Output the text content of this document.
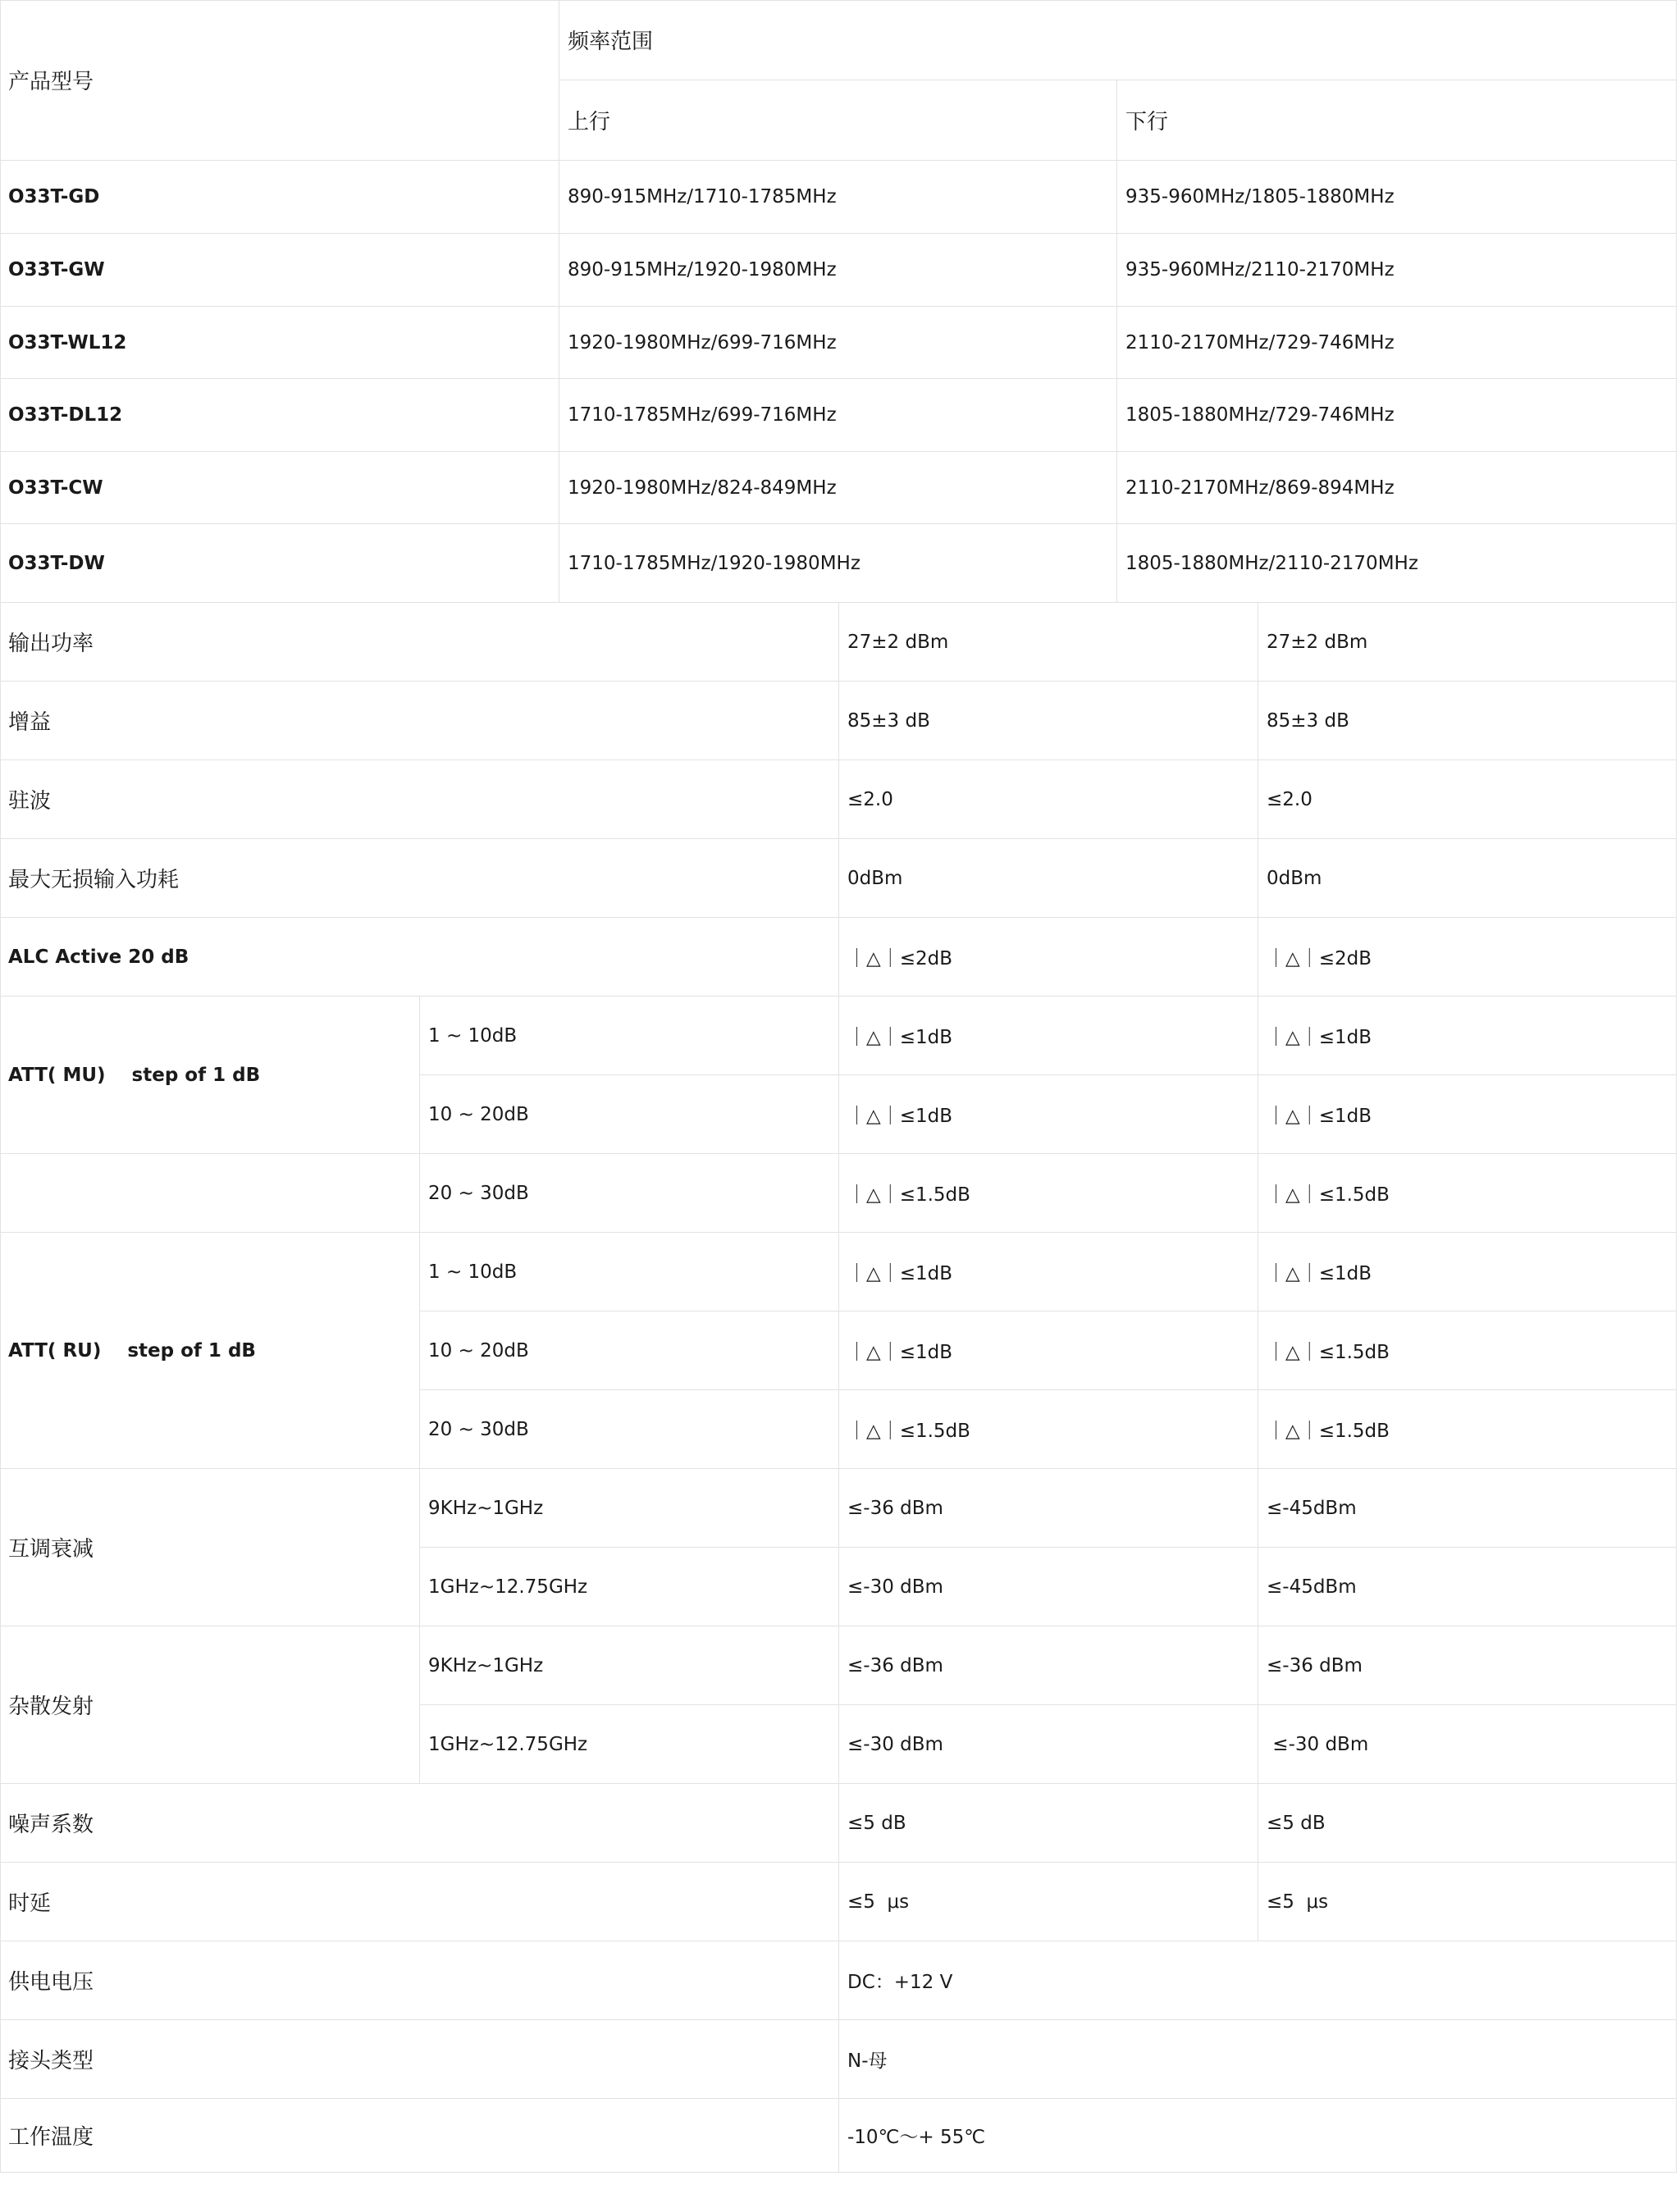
产品型号
频率范围
上行	下行
O33T-GD	890-915MHz/1710-1785MHz	935-960MHz/1805-1880MHz
O33T-GW	890-915MHz/1920-1980MHz	935-960MHz/2110-2170MHz
O33T-WL12	1920-1980MHz/699-716MHz	2110-2170MHz/729-746MHz
O33T-DL12	1710-1785MHz/699-716MHz	1805-1880MHz/729-746MHz
O33T-CW	1920-1980MHz/824-849MHz	2110-2170MHz/869-894MHz
O33T-DW	1710-1785MHz/1920-1980MHz	1805-1880MHz/2110-2170MHz
输出功率	27±2 dBm	27±2 dBm
增益	85±3 dB	85±3 dB
驻波	≤2.0	≤2.0
最大无损输入功耗	0dBm	0dBm
ALC Active 20 dB	｜△｜≤2dB	｜△｜≤2dB
ATT( MU)    step of 1 dB
1 ~ 10dB	｜△｜≤1dB	｜△｜≤1dB
10 ~ 20dB	｜△｜≤1dB	｜△｜≤1dB
20 ~ 30dB	｜△｜≤1.5dB	｜△｜≤1.5dB
ATT( RU)    step of 1 dB
1 ~ 10dB	｜△｜≤1dB	｜△｜≤1dB
10 ~ 20dB	｜△｜≤1dB	｜△｜≤1.5dB
20 ~ 30dB	｜△｜≤1.5dB	｜△｜≤1.5dB
互调衰减
9KHz~1GHz	≤-36 dBm	≤-45dBm
1GHz~12.75GHz	≤-30 dBm	≤-45dBm
杂散发射
9KHz~1GHz	≤-36 dBm	≤-36 dBm
1GHz~12.75GHz	≤-30 dBm	≤-30 dBm
噪声系数	≤5 dB	≤5 dB
时延	≤5  μs	≤5  μs
供电电压	DC：+12 V
接头类型	N-母
工作温度	-10℃～+ 55℃
